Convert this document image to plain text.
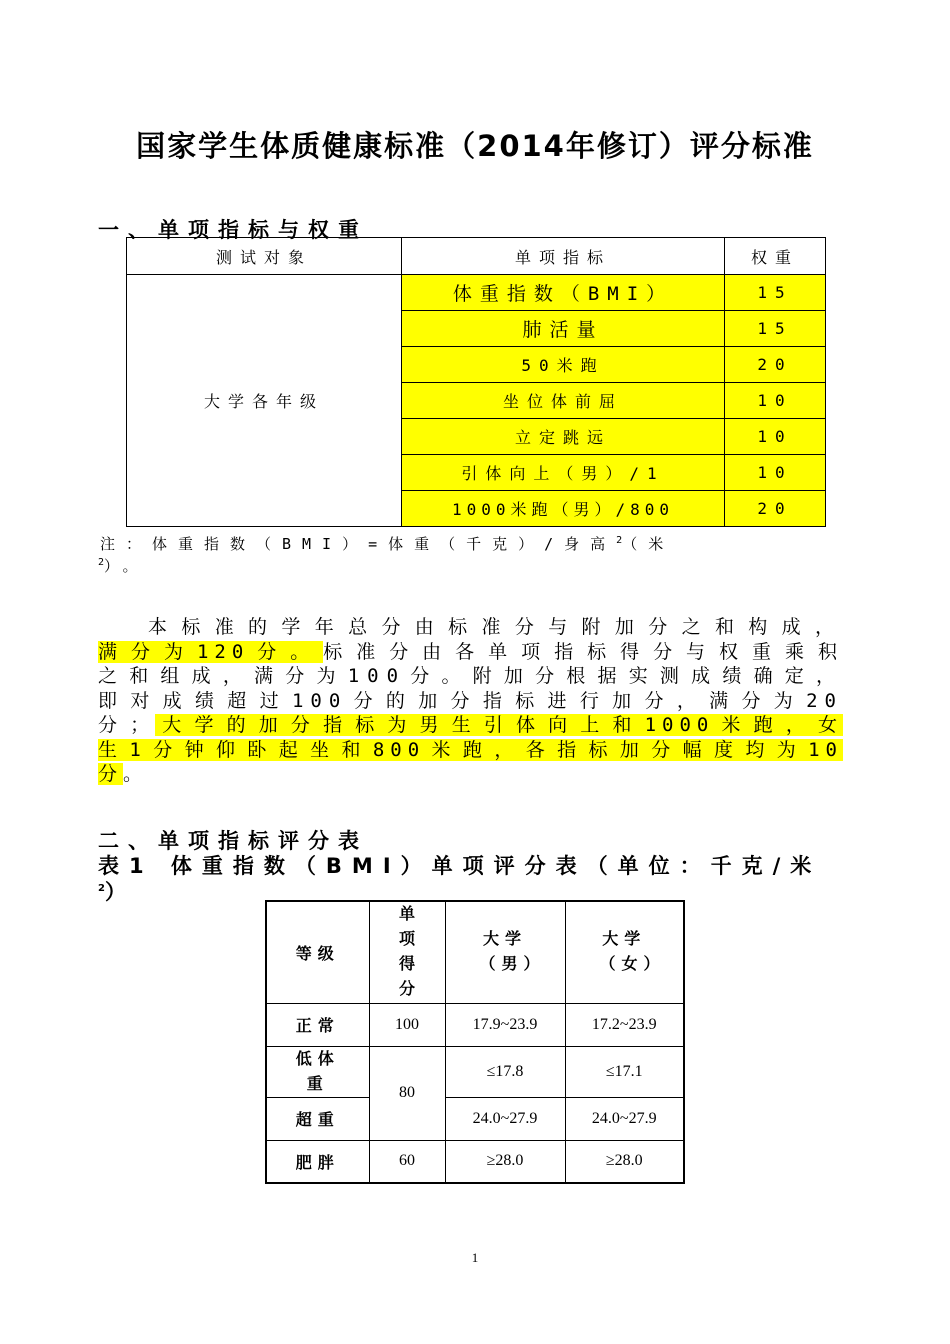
国家学生体质健康标准（2014年修订）评分标准
一、单项指标与权重
测试对象	单项指标	权重
大学各年级	体重指数（BMI）	15
	肺活量	15
	50米跑	20
	坐位体前屈	10
	立定跳远	10
	引体向上（男）/1	10
	1000米跑（男）/800	20
注：体重指数（BMI）=体重（千克）/身高$^2$（米
$^2$）。
本标准的学年总分由标准分与附加分之和构成，
满分为120分。标准分由各单项指标得分与权重乘积
之和组成，满分为100分。附加分根据实测成绩确定，
即对成绩超过100分的加分指标进行加分，满分为20
分；大学的加分指标为男生引体向上和1000米跑，女
生1分钟仰卧起坐和800米跑，各指标加分幅度均为10
分。
二、单项指标评分表
表1 体重指数（BMI）单项评分表（单位：千克/米
$^2$）
等级	单项得分	大学（男）	大学（女）
正常	100	17.9~23.9	17.2~23.9
低体重	80	≤17.8	≤17.1
超重		24.0~27.9	24.0~27.9
肥胖	60	≥28.0	≥28.0
1
